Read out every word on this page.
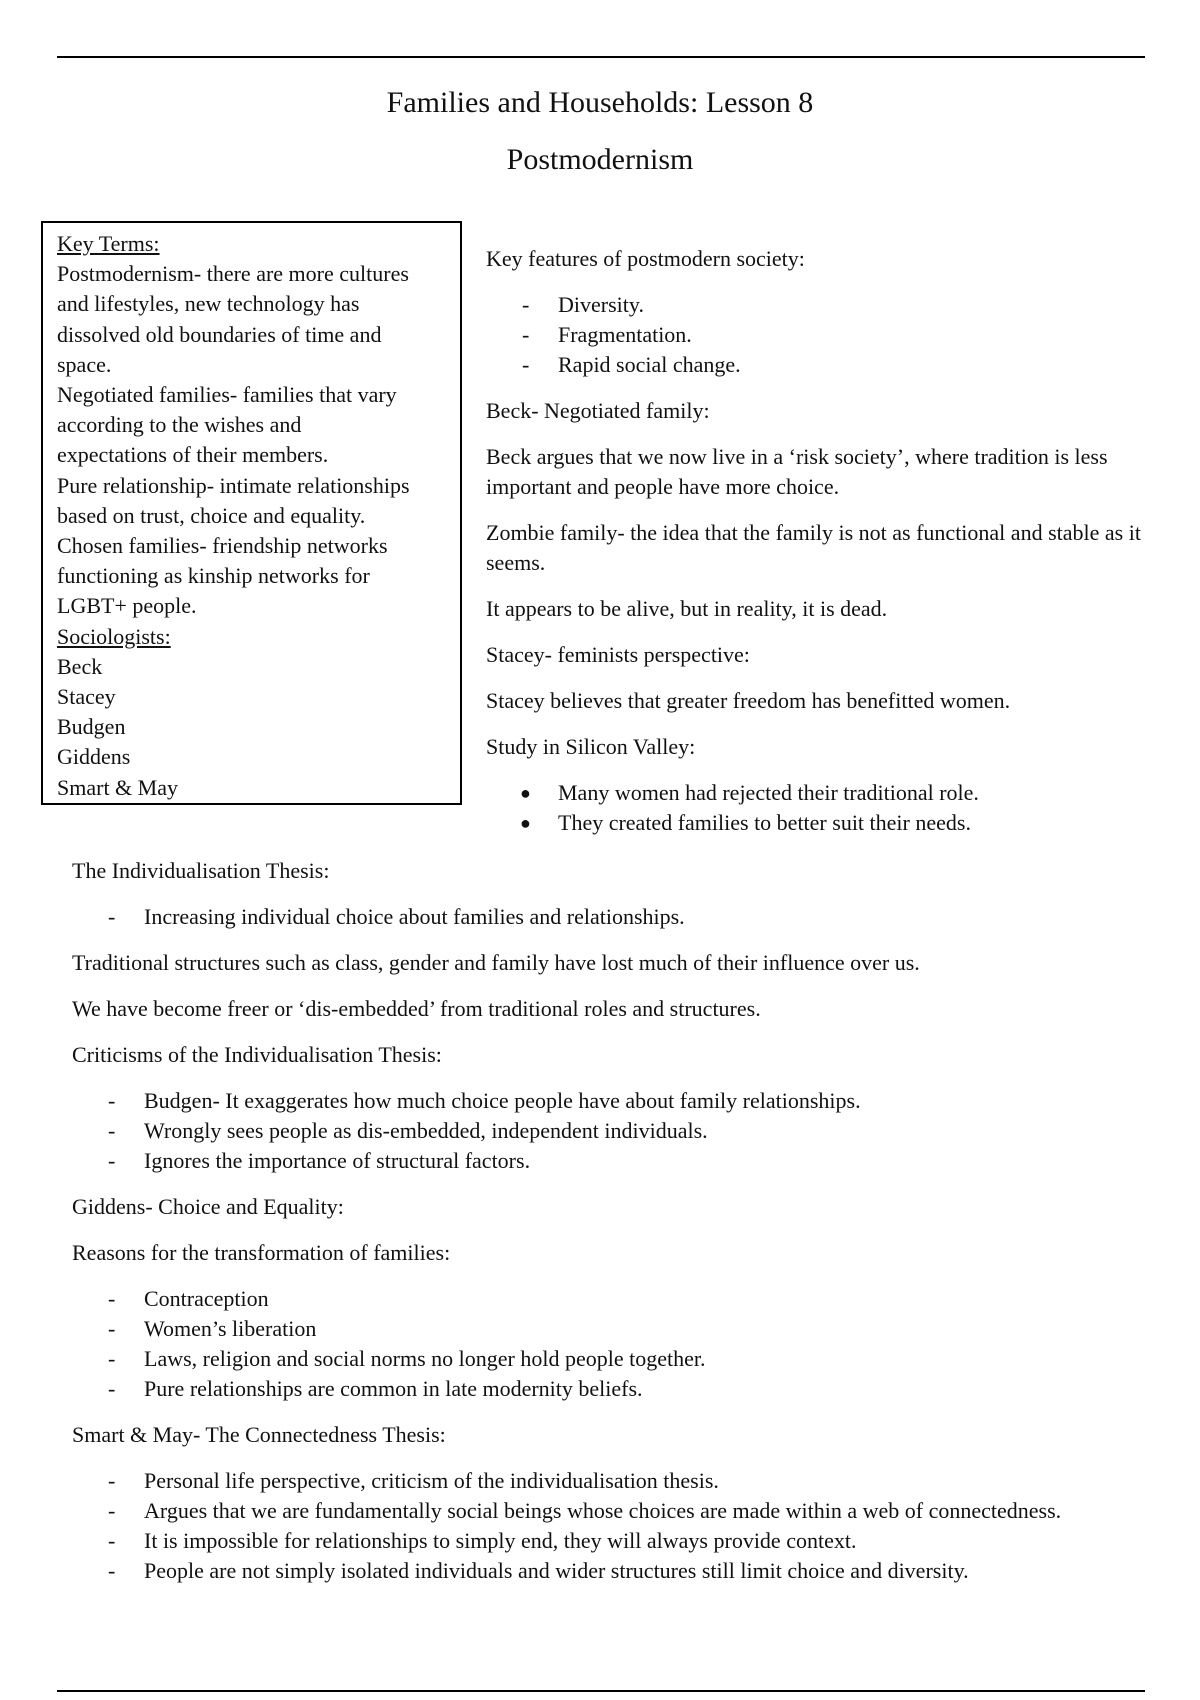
Families and Households: Lesson 8
Postmodernism
Key Terms:
Postmodernism- there are more cultures
and lifestyles, new technology has
dissolved old boundaries of time and
space.
Negotiated families- families that vary
according to the wishes and
expectations of their members.
Pure relationship- intimate relationships
based on trust, choice and equality.
Chosen families- friendship networks
functioning as kinship networks for
LGBT+ people.
Sociologists:
Beck
Stacey
Budgen
Giddens
Smart & May

Key features of postmodern society:

- Diversity.
- Fragmentation.
- Rapid social change.

Beck- Negotiated family:

Beck argues that we now live in a ‘risk society’, where tradition is less important and people have more choice.

Zombie family- the idea that the family is not as functional and stable as it seems.

It appears to be alive, but in reality, it is dead.

Stacey- feminists perspective:

Stacey believes that greater freedom has benefitted women.

Study in Silicon Valley:

● Many women had rejected their traditional role.
● They created families to better suit their needs.

The Individualisation Thesis:

- Increasing individual choice about families and relationships.

Traditional structures such as class, gender and family have lost much of their influence over us.

We have become freer or ‘dis-embedded’ from traditional roles and structures.

Criticisms of the Individualisation Thesis:

- Budgen- It exaggerates how much choice people have about family relationships.
- Wrongly sees people as dis-embedded, independent individuals.
- Ignores the importance of structural factors.

Giddens- Choice and Equality:

Reasons for the transformation of families:

- Contraception
- Women’s liberation
- Laws, religion and social norms no longer hold people together.
- Pure relationships are common in late modernity beliefs.

Smart & May- The Connectedness Thesis:

- Personal life perspective, criticism of the individualisation thesis.
- Argues that we are fundamentally social beings whose choices are made within a web of connectedness.
- It is impossible for relationships to simply end, they will always provide context.
- People are not simply isolated individuals and wider structures still limit choice and diversity.
